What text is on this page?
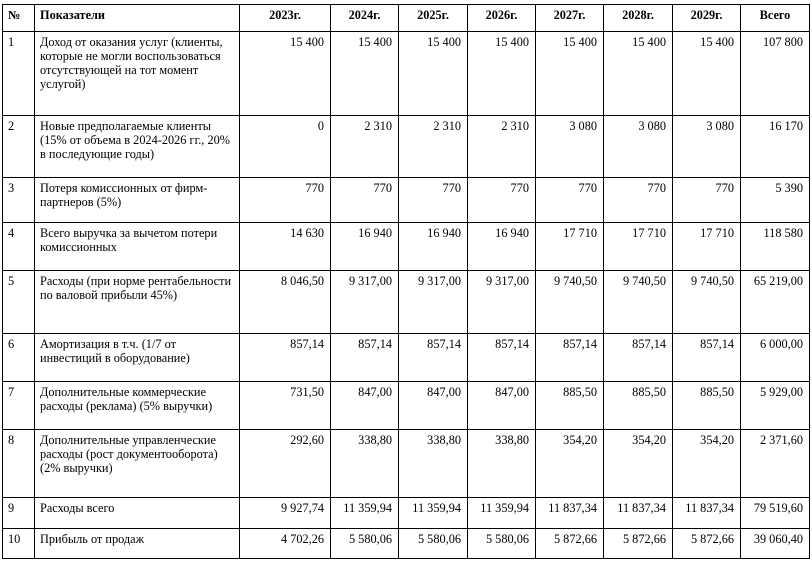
№	Показатели	2023г.	2024г.	2025г.	2026г.	2027г.	2028г.	2029г.	Всего
1	Доход от оказания услуг (клиенты, которые не могли воспользоваться отсутствующей на тот момент услугой)	15 400	15 400	15 400	15 400	15 400	15 400	15 400	107 800
2	Новые предполагаемые клиенты (15% от объема в 2024-2026 гг., 20% в последующие годы)	0	2 310	2 310	2 310	3 080	3 080	3 080	16 170
3	Потеря комиссионных от фирм-партнеров (5%)	770	770	770	770	770	770	770	5 390
4	Всего выручка за вычетом потери комиссионных	14 630	16 940	16 940	16 940	17 710	17 710	17 710	118 580
5	Расходы (при норме рентабельности по валовой прибыли 45%)	8 046,50	9 317,00	9 317,00	9 317,00	9 740,50	9 740,50	9 740,50	65 219,00
6	Амортизация в т.ч. (1/7 от инвестиций в оборудование)	857,14	857,14	857,14	857,14	857,14	857,14	857,14	6 000,00
7	Дополнительные коммерческие расходы (реклама) (5% выручки)	731,50	847,00	847,00	847,00	885,50	885,50	885,50	5 929,00
8	Дополнительные управленческие расходы (рост документооборота) (2% выручки)	292,60	338,80	338,80	338,80	354,20	354,20	354,20	2 371,60
9	Расходы всего	9 927,74	11 359,94	11 359,94	11 359,94	11 837,34	11 837,34	11 837,34	79 519,60
10	Прибыль от продаж	4 702,26	5 580,06	5 580,06	5 580,06	5 872,66	5 872,66	5 872,66	39 060,40
